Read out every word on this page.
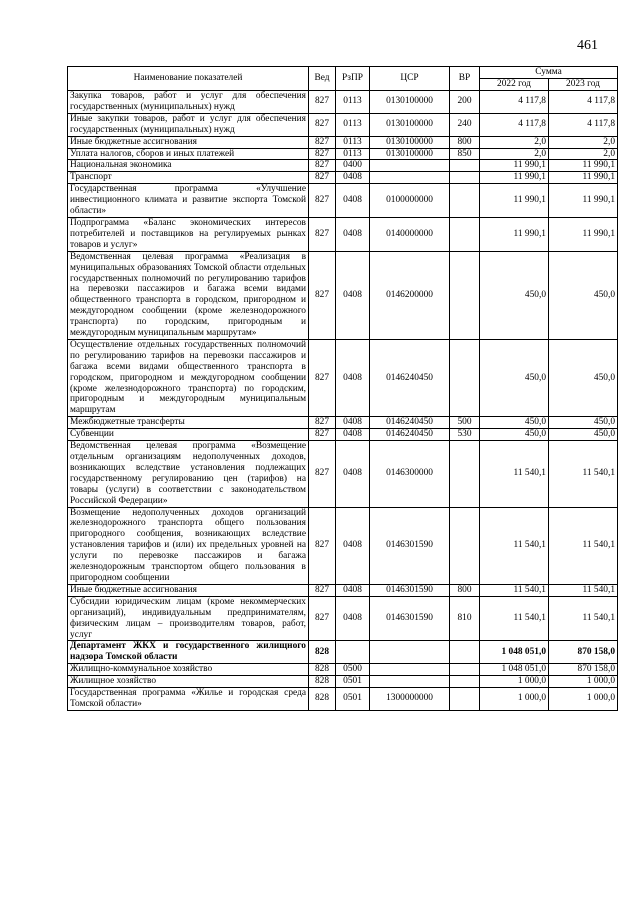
461
Наименование показателей	Вед	РзПР	ЦСР	ВР	Сумма	
					2022 год	2023 год
Закупка товаров, работ и услуг для обеспечения государственных (муниципальных) нужд	827	0113	0130100000	200	4 117,8	4 117,8
Иные закупки товаров, работ и услуг для обеспечения государственных (муниципальных) нужд	827	0113	0130100000	240	4 117,8	4 117,8
Иные бюджетные ассигнования	827	0113	0130100000	800	2,0	2,0
Уплата налогов, сборов и иных платежей	827	0113	0130100000	850	2,0	2,0
Национальная экономика	827	0400			11 990,1	11 990,1
Транспорт	827	0408			11 990,1	11 990,1
Государственная программа «Улучшение инвестиционного климата и развитие экспорта Томской области»	827	0408	0100000000		11 990,1	11 990,1
Подпрограмма «Баланс экономических интересов потребителей и поставщиков на регулируемых рынках товаров и услуг»	827	0408	0140000000		11 990,1	11 990,1
Ведомственная целевая программа «Реализация в муниципальных образованиях Томской области отдельных государственных полномочий по регулированию тарифов на перевозки пассажиров и багажа всеми видами общественного транспорта в городском, пригородном и междугородном сообщении (кроме железнодорожного транспорта) по городским, пригородным и междугородным муниципальным маршрутам»	827	0408	0146200000		450,0	450,0
Осуществление отдельных государственных полномочий по регулированию тарифов на перевозки пассажиров и багажа всеми видами общественного транспорта в городском, пригородном и междугородном сообщении (кроме железнодорожного транспорта) по городским, пригородным и междугородным муниципальным маршрутам	827	0408	0146240450		450,0	450,0
Межбюджетные трансферты	827	0408	0146240450	500	450,0	450,0
Субвенции	827	0408	0146240450	530	450,0	450,0
Ведомственная целевая программа «Возмещение отдельным организациям недополученных доходов, возникающих вследствие установления подлежащих государственному регулированию цен (тарифов) на товары (услуги) в соответствии с законодательством Российской Федерации»	827	0408	0146300000		11 540,1	11 540,1
Возмещение недополученных доходов организаций железнодорожного транспорта общего пользования пригородного сообщения, возникающих вследствие установления тарифов и (или) их предельных уровней на услуги по перевозке пассажиров и багажа железнодорожным транспортом общего пользования в пригородном сообщении	827	0408	0146301590		11 540,1	11 540,1
Иные бюджетные ассигнования	827	0408	0146301590	800	11 540,1	11 540,1
Субсидии юридическим лицам (кроме некоммерческих организаций), индивидуальным предпринимателям, физическим лицам – производителям товаров, работ, услуг	827	0408	0146301590	810	11 540,1	11 540,1
Департамент ЖКХ и государственного жилищного надзора Томской области	828				1 048 051,0	870 158,0
Жилищно-коммунальное хозяйство	828	0500			1 048 051,0	870 158,0
Жилищное хозяйство	828	0501			1 000,0	1 000,0
Государственная программа «Жилье и городская среда Томской области»	828	0501	1300000000		1 000,0	1 000,0
